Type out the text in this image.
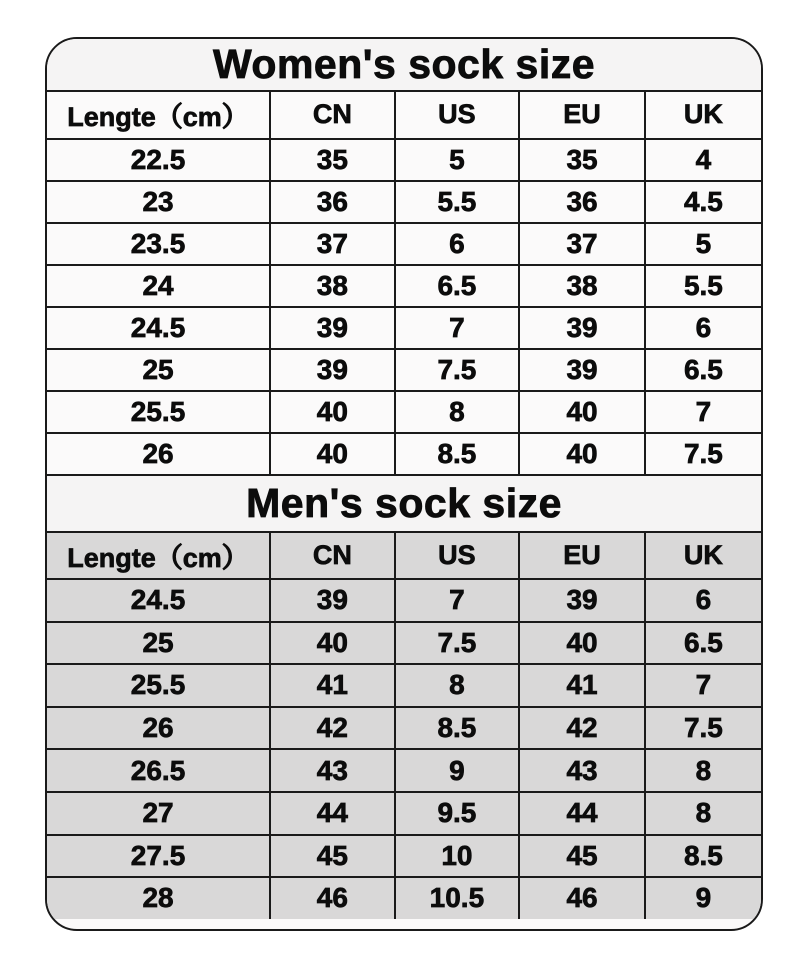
Women's sock size
Lengte（cm）	CN	US	EU	UK
22.5	35	5	35	4
23	36	5.5	36	4.5
23.5	37	6	37	5
24	38	6.5	38	5.5
24.5	39	7	39	6
25	39	7.5	39	6.5
25.5	40	8	40	7
26	40	8.5	40	7.5
Men's sock size
Lengte（cm）	CN	US	EU	UK
24.5	39	7	39	6
25	40	7.5	40	6.5
25.5	41	8	41	7
26	42	8.5	42	7.5
26.5	43	9	43	8
27	44	9.5	44	8
27.5	45	10	45	8.5
28	46	10.5	46	9
